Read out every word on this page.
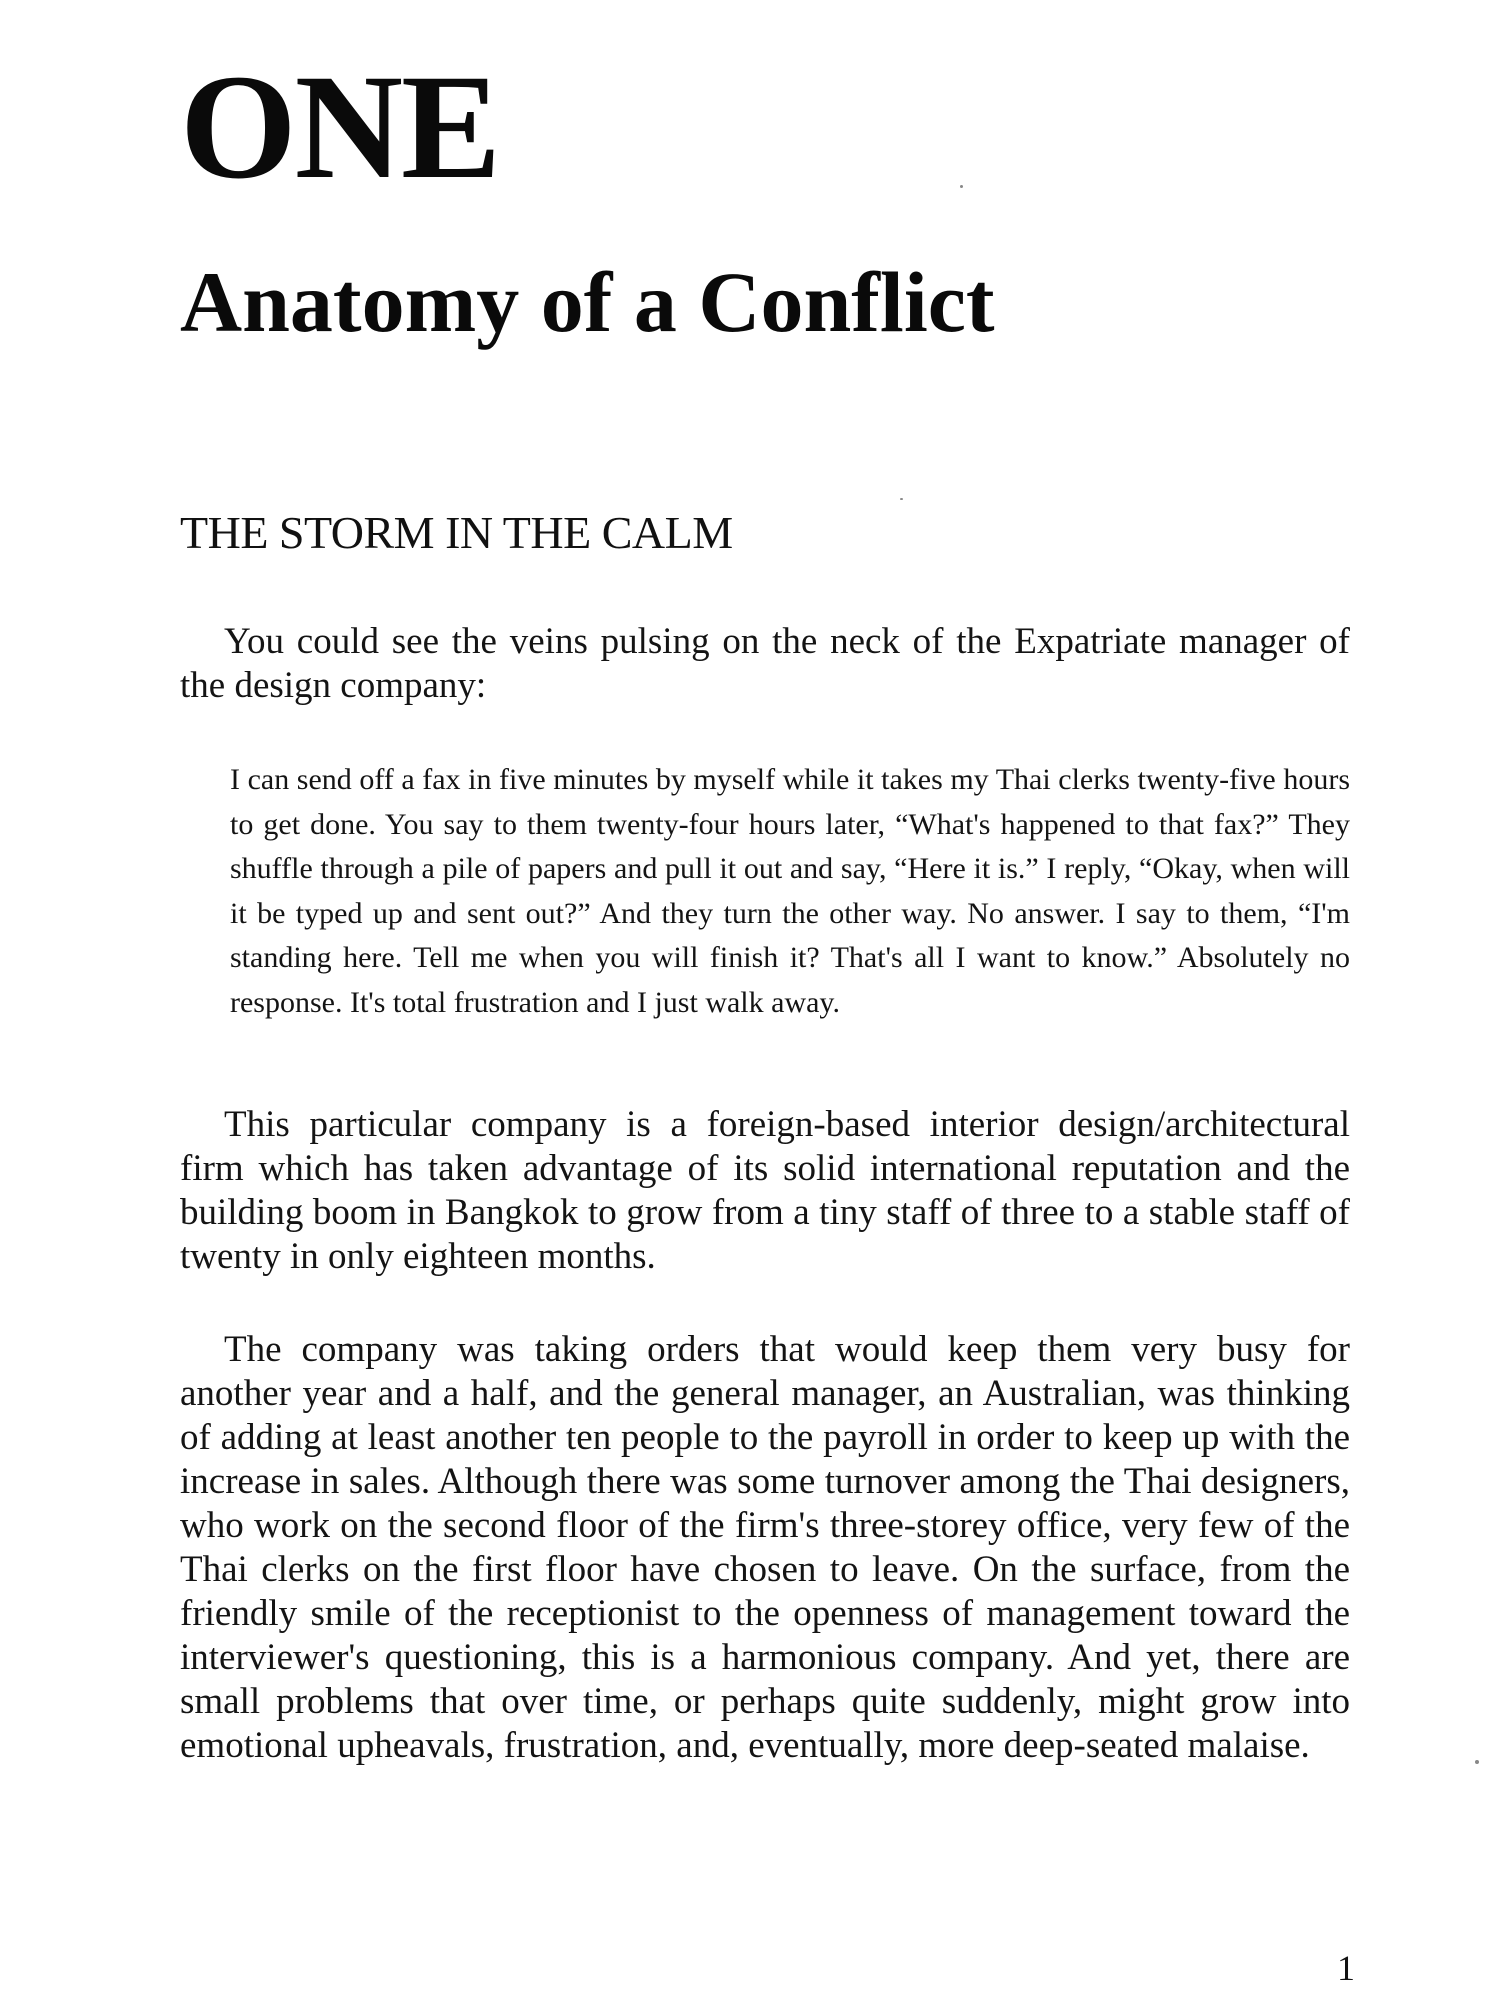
ONE
Anatomy of a Conflict
THE STORM IN THE CALM

You could see the veins pulsing on the neck of the Expatriate manager of the design company:

I can send off a fax in five minutes by myself while it takes my Thai clerks twenty-five hours to get done. You say to them twenty-four hours later, “What's happened to that fax?” They shuffle through a pile of papers and pull it out and say, “Here it is.” I reply, “Okay, when will it be typed up and sent out?” And they turn the other way. No answer. I say to them, “I'm standing here. Tell me when you will finish it? That's all I want to know.” Absolutely no response. It's total frustration and I just walk away.

This particular company is a foreign-based interior design/architectural firm which has taken advantage of its solid international reputation and the building boom in Bangkok to grow from a tiny staff of three to a stable staff of twenty in only eighteen months.

The company was taking orders that would keep them very busy for another year and a half, and the general manager, an Australian, was thinking of adding at least another ten people to the payroll in order to keep up with the increase in sales. Although there was some turnover among the Thai designers, who work on the second floor of the firm's three-storey office, very few of the Thai clerks on the first floor have chosen to leave. On the surface, from the friendly smile of the receptionist to the openness of management toward the interviewer's questioning, this is a harmonious company. And yet, there are small problems that over time, or perhaps quite suddenly, might grow into emotional upheavals, frustration, and, eventually, more deep-seated malaise.

1
